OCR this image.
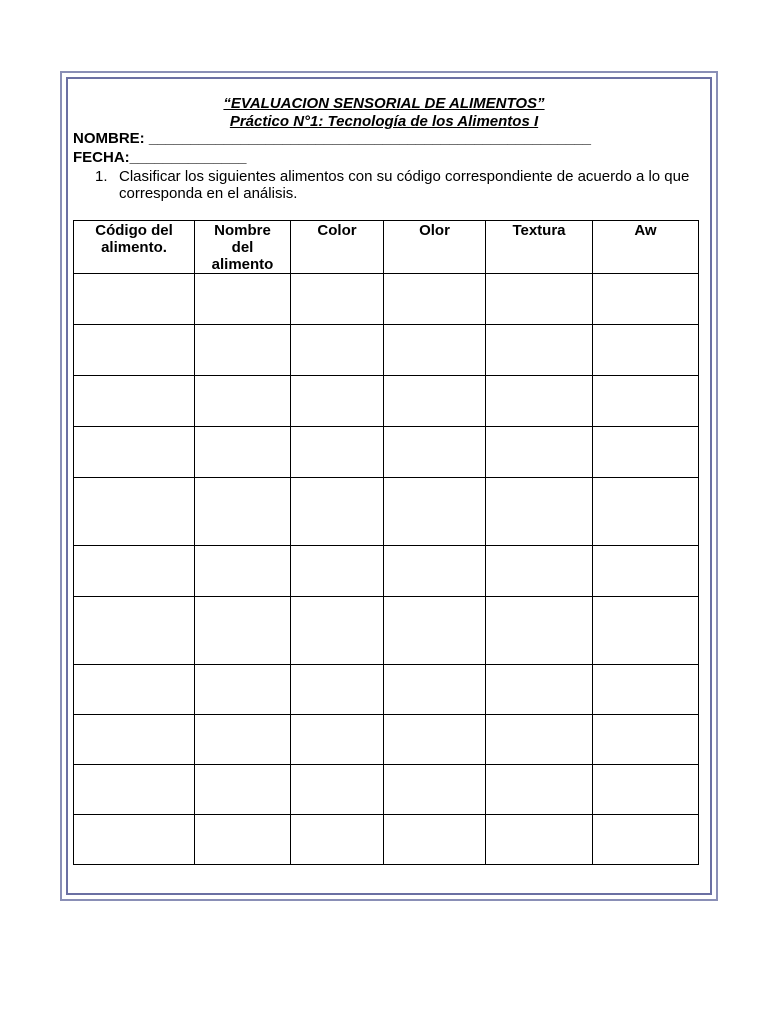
“EVALUACION SENSORIAL DE ALIMENTOS”
Práctico N°1: Tecnología de los Alimentos I
NOMBRE: _____________________________________________________
FECHA:______________
1. Clasificar los siguientes alimentos con su código correspondiente de acuerdo a lo que corresponda en el análisis.
Código del alimento.	Nombre del alimento	Color	Olor	Textura	Aw
